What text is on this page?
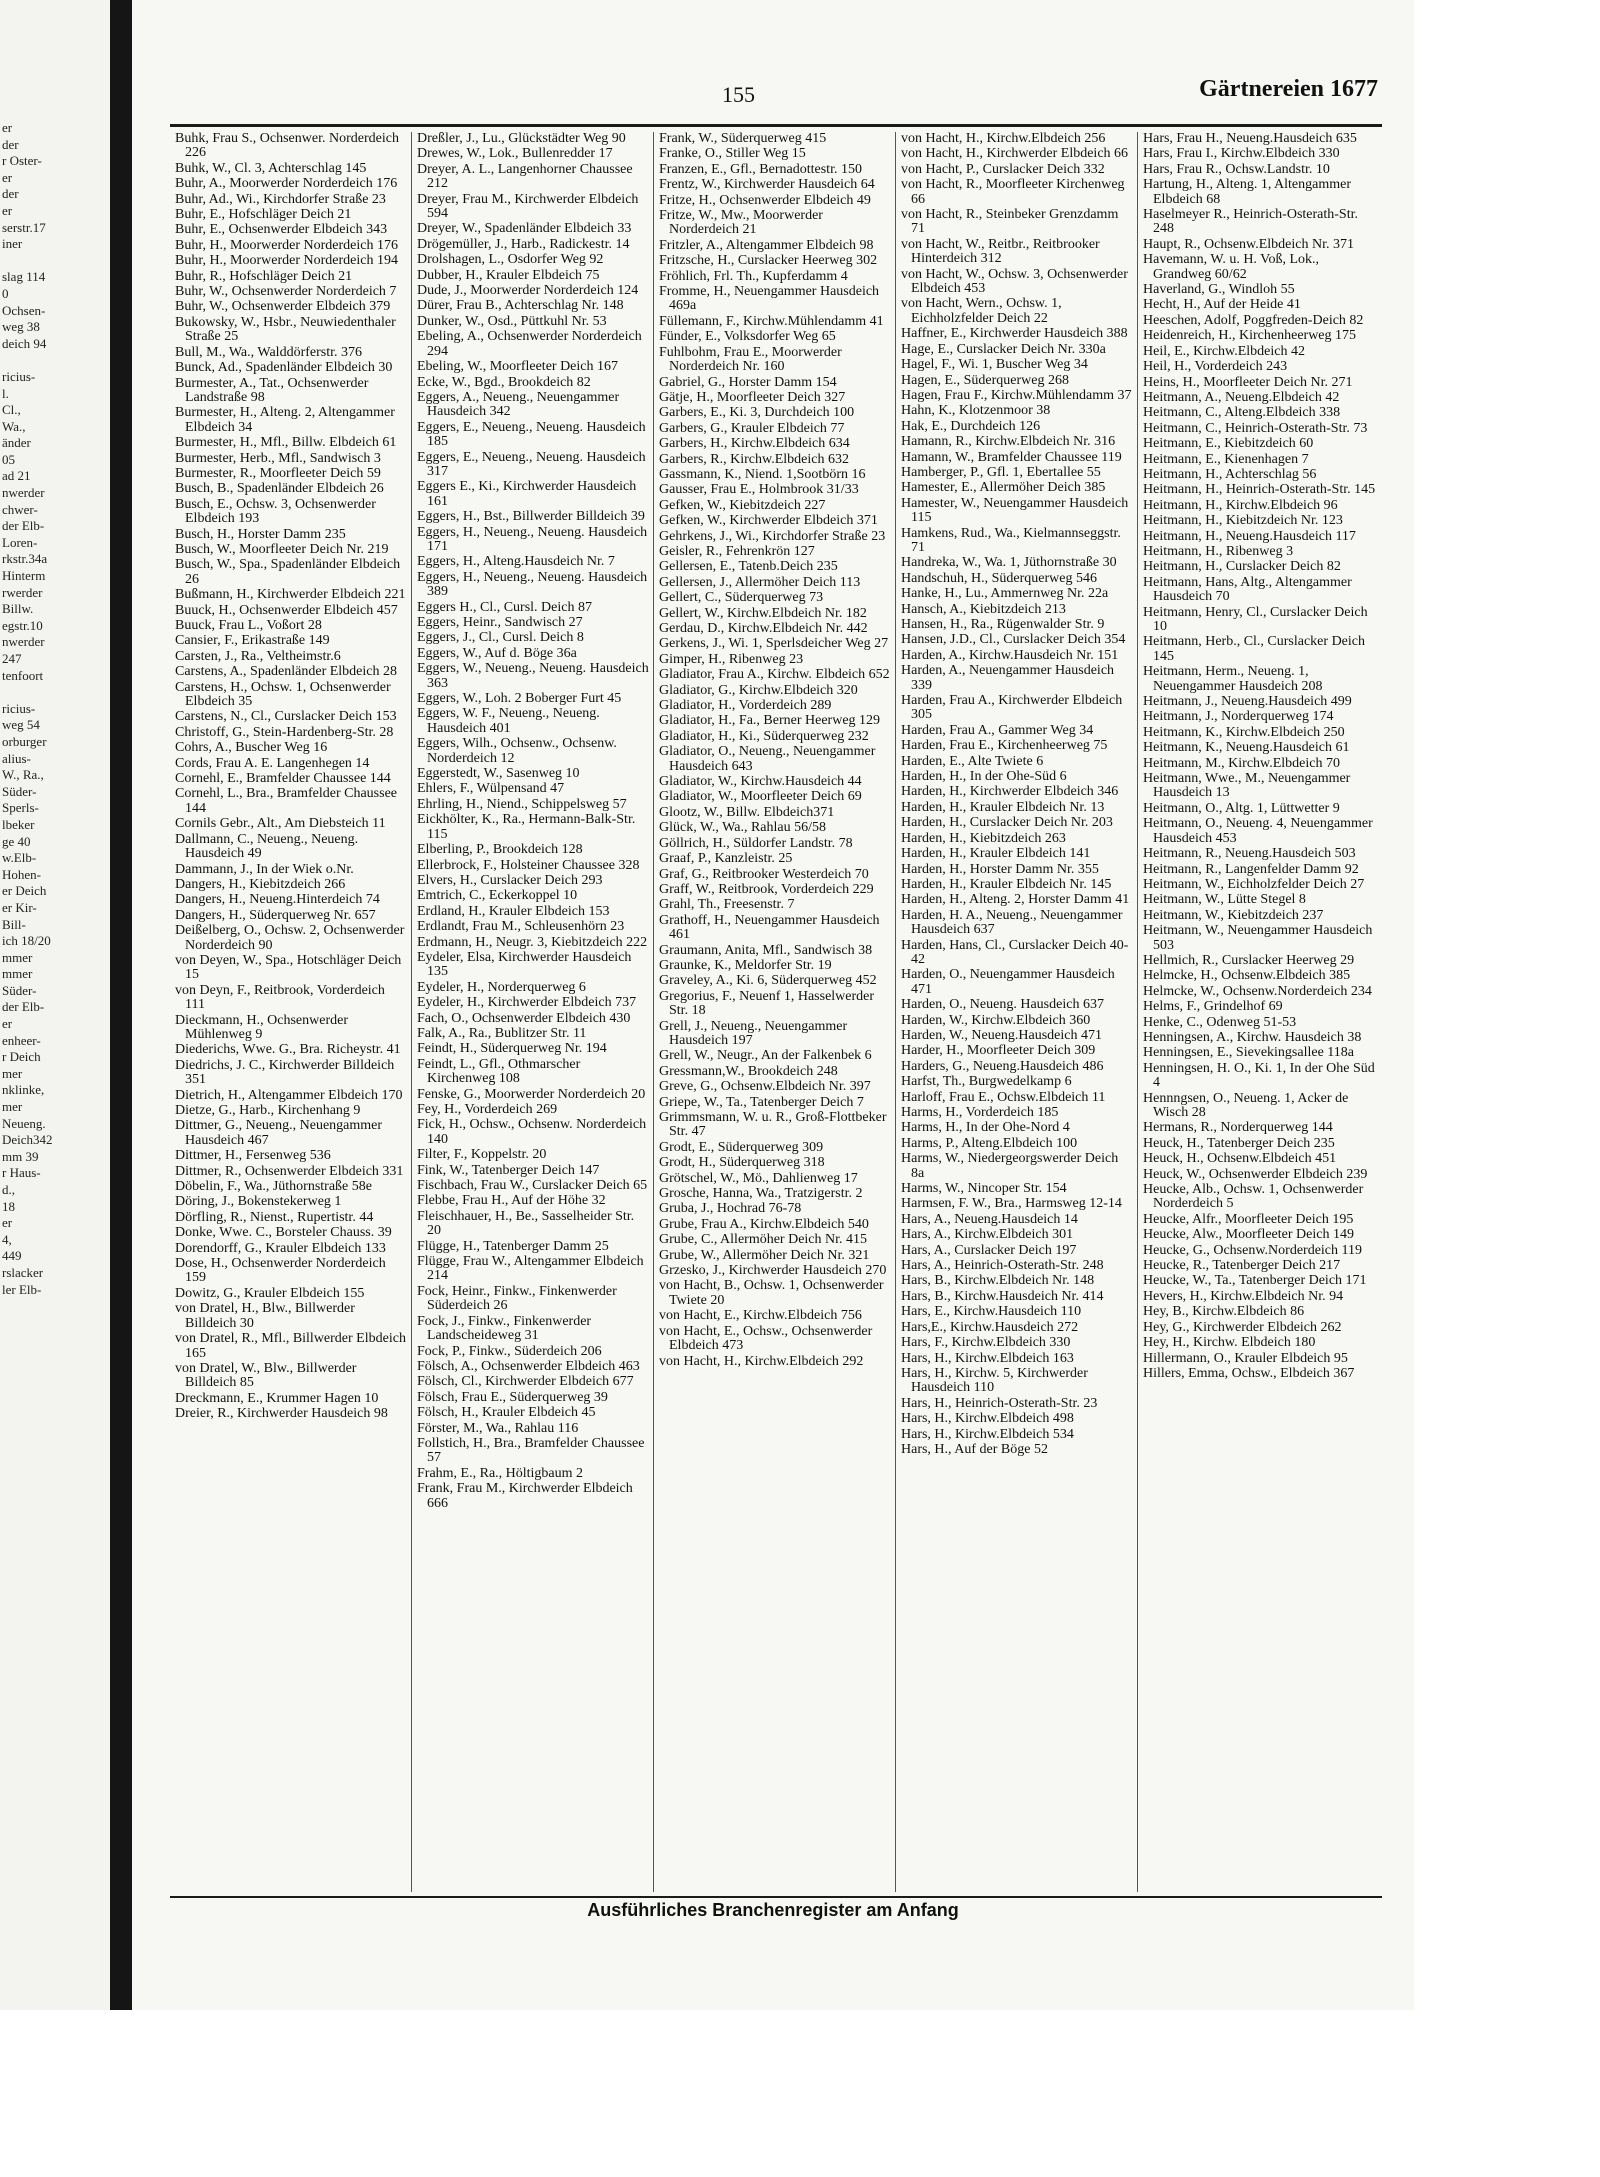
er
der
r Oster-
er
der
er
serstr.17
iner

slag 114
0
Ochsen-
weg 38
deich 94

ricius-
l.
Cl.,
Wa.,
änder
05
ad 21
nwerder
chwer-
der Elb-
Loren-
rkstr.34a
Hinterm
rwerder
Billw.
egstr.10
nwerder
247
tenfoort

ricius-
weg 54
orburger
alius-
W., Ra.,
Süder-
Sperls-
lbeker
ge 40
w.Elb-
Hohen-
er Deich
er Kir-
Bill-
ich 18/20
mmer
mmer
Süder-
der Elb-
er
enheer-
r Deich
mer
nklinke,
mer
Neueng.
Deich342
mm 39
r Haus-
d.,
18
er
4,
449
rslacker
ler Elb-
155	Gärtnereien 1677
Buhk, Frau S., Ochsenwer. Norderdeich 226
Buhk, W., Cl. 3, Achterschlag 145
Buhr, A., Moorwerder Norderdeich 176
Buhr, Ad., Wi., Kirchdorfer Straße 23
Buhr, E., Hofschläger Deich 21
Buhr, E., Ochsenwerder Elbdeich 343
Buhr, H., Moorwerder Norderdeich 176
Buhr, H., Moorwerder Norderdeich 194
Buhr, R., Hofschläger Deich 21
Buhr, W., Ochsenwerder Norderdeich 7
Buhr, W., Ochsenwerder Elbdeich 379
Bukowsky, W., Hsbr., Neuwiedenthaler Straße 25
Bull, M., Wa., Walddörferstr. 376
Bunck, Ad., Spadenländer Elbdeich 30
Burmester, A., Tat., Ochsenwerder Landstraße 98
Burmester, H., Alteng. 2, Altengammer Elbdeich 34
Burmester, H., Mfl., Billw. Elbdeich 61
Burmester, Herb., Mfl., Sandwisch 3
Burmester, R., Moorfleeter Deich 59
Busch, B., Spadenländer Elbdeich 26
Busch, E., Ochsw. 3, Ochsenwerder Elbdeich 193
Busch, H., Horster Damm 235
Busch, W., Moorfleeter Deich Nr. 219
Busch, W., Spa., Spadenländer Elbdeich 26
Bußmann, H., Kirchwerder Elbdeich 221
Buuck, H., Ochsenwerder Elbdeich 457
Buuck, Frau L., Voßort 28
Cansier, F., Erikastraße 149
Carsten, J., Ra., Veltheimstr.6
Carstens, A., Spadenländer Elbdeich 28
Carstens, H., Ochsw. 1, Ochsenwerder Elbdeich 35
Carstens, N., Cl., Curslacker Deich 153
Christoff, G., Stein-Hardenberg-Str. 28
Cohrs, A., Buscher Weg 16
Cords, Frau A. E. Langenhegen 14
Cornehl, E., Bramfelder Chaussee 144
Cornehl, L., Bra., Bramfelder Chaussee 144
Cornils Gebr., Alt., Am Diebsteich 11
Dallmann, C., Neueng., Neueng. Hausdeich 49
Dammann, J., In der Wiek o.Nr.
Dangers, H., Kiebitzdeich 266
Dangers, H., Neueng.Hinterdeich 74
Dangers, H., Süderquerweg Nr. 657
Deißelberg, O., Ochsw. 2, Ochsenwerder Norderdeich 90
von Deyen, W., Spa., Hotschläger Deich 15
von Deyn, F., Reitbrook, Vorderdeich 111
Dieckmann, H., Ochsenwerder Mühlenweg 9
Diederichs, Wwe. G., Bra. Richeystr. 41
Diedrichs, J. C., Kirchwerder Billdeich 351
Dietrich, H., Altengammer Elbdeich 170
Dietze, G., Harb., Kirchenhang 9
Dittmer, G., Neueng., Neuengammer Hausdeich 467
Dittmer, H., Fersenweg 536
Dittmer, R., Ochsenwerder Elbdeich 331
Döbelin, F., Wa., Jüthornstraße 58e
Döring, J., Bokenstekerweg 1
Dörfling, R., Nienst., Rupertistr. 44
Donke, Wwe. C., Borsteler Chauss. 39
Dorendorff, G., Krauler Elbdeich 133
Dose, H., Ochsenwerder Norderdeich 159
Dowitz, G., Krauler Elbdeich 155
von Dratel, H., Blw., Billwerder Billdeich 30
von Dratel, R., Mfl., Billwerder Elbdeich 165
von Dratel, W., Blw., Billwerder Billdeich 85
Dreckmann, E., Krummer Hagen 10
Dreier, R., Kirchwerder Hausdeich 98
Dreßler, J., Lu., Glückstädter Weg 90
Drewes, W., Lok., Bullenredder 17
Dreyer, A. L., Langenhorner Chaussee 212
Dreyer, Frau M., Kirchwerder Elbdeich 594
Dreyer, W., Spadenländer Elbdeich 33
Drögemüller, J., Harb., Radickestr. 14
Drolshagen, L., Osdorfer Weg 92
Dubber, H., Krauler Elbdeich 75
Dude, J., Moorwerder Norderdeich 124
Dürer, Frau B., Achterschlag Nr. 148
Dunker, W., Osd., Püttkuhl Nr. 53
Ebeling, A., Ochsenwerder Norderdeich 294
Ebeling, W., Moorfleeter Deich 167
Ecke, W., Bgd., Brookdeich 82
Eggers, A., Neueng., Neuengammer Hausdeich 342
Eggers, E., Neueng., Neueng. Hausdeich 185
Eggers, E., Neueng., Neueng. Hausdeich 317
Eggers E., Ki., Kirchwerder Hausdeich 161
Eggers, H., Bst., Billwerder Billdeich 39
Eggers, H., Neueng., Neueng. Hausdeich 171
Eggers, H., Alteng.Hausdeich Nr. 7
Eggers, H., Neueng., Neueng. Hausdeich 389
Eggers H., Cl., Cursl. Deich 87
Eggers, Heinr., Sandwisch 27
Eggers, J., Cl., Cursl. Deich 8
Eggers, W., Auf d. Böge 36a
Eggers, W., Neueng., Neueng. Hausdeich 363
Eggers, W., Loh. 2 Boberger Furt 45
Eggers, W. F., Neueng., Neueng. Hausdeich 401
Eggers, Wilh., Ochsenw., Ochsenw. Norderdeich 12
Eggerstedt, W., Sasenweg 10
Ehlers, F., Wülpensand 47
Ehrling, H., Niend., Schippelsweg 57
Eickhölter, K., Ra., Hermann-Balk-Str. 115
Elberling, P., Brookdeich 128
Ellerbrock, F., Holsteiner Chaussee 328
Elvers, H., Curslacker Deich 293
Emtrich, C., Eckerkoppel 10
Erdland, H., Krauler Elbdeich 153
Erdlandt, Frau M., Schleusenhörn 23
Erdmann, H., Neugr. 3, Kiebitzdeich 222
Eydeler, Elsa, Kirchwerder Hausdeich 135
Eydeler, H., Norderquerweg 6
Eydeler, H., Kirchwerder Elbdeich 737
Fach, O., Ochsenwerder Elbdeich 430
Falk, A., Ra., Bublitzer Str. 11
Feindt, H., Süderquerweg Nr. 194
Feindt, L., Gfl., Othmarscher Kirchenweg 108
Fenske, G., Moorwerder Norderdeich 20
Fey, H., Vorderdeich 269
Fick, H., Ochsw., Ochsenw. Norderdeich 140
Filter, F., Koppelstr. 20
Fink, W., Tatenberger Deich 147
Fischbach, Frau W., Curslacker Deich 65
Flebbe, Frau H., Auf der Höhe 32
Fleischhauer, H., Be., Sasselheider Str. 20
Flügge, H., Tatenberger Damm 25
Flügge, Frau W., Altengammer Elbdeich 214
Fock, Heinr., Finkw., Finkenwerder Süderdeich 26
Fock, J., Finkw., Finkenwerder Landscheideweg 31
Fock, P., Finkw., Süderdeich 206
Fölsch, A., Ochsenwerder Elbdeich 463
Fölsch, Cl., Kirchwerder Elbdeich 677
Fölsch, Frau E., Süderquerweg 39
Fölsch, H., Krauler Elbdeich 45
Förster, M., Wa., Rahlau 116
Follstich, H., Bra., Bramfelder Chaussee 57
Frahm, E., Ra., Höltigbaum 2
Frank, Frau M., Kirchwerder Elbdeich 666
Frank, W., Süderquerweg 415
Franke, O., Stiller Weg 15
Franzen, E., Gfl., Bernadottestr. 150
Frentz, W., Kirchwerder Hausdeich 64
Fritze, H., Ochsenwerder Elbdeich 49
Fritze, W., Mw., Moorwerder Norderdeich 21
Fritzler, A., Altengammer Elbdeich 98
Fritzsche, H., Curslacker Heerweg 302
Fröhlich, Frl. Th., Kupferdamm 4
Fromme, H., Neuengammer Hausdeich 469a
Füllemann, F., Kirchw.Mühlendamm 41
Fünder, E., Volksdorfer Weg 65
Fuhlbohm, Frau E., Moorwerder Norderdeich Nr. 160
Gabriel, G., Horster Damm 154
Gätje, H., Moorfleeter Deich 327
Garbers, E., Ki. 3, Durchdeich 100
Garbers, G., Krauler Elbdeich 77
Garbers, H., Kirchw.Elbdeich 634
Garbers, R., Kirchw.Elbdeich 632
Gassmann, K., Niend. 1,Sootbörn 16
Gausser, Frau E., Holmbrook 31/33
Gefken, W., Kiebitzdeich 227
Gefken, W., Kirchwerder Elbdeich 371
Gehrkens, J., Wi., Kirchdorfer Straße 23
Geisler, R., Fehrenkrön 127
Gellersen, E., Tatenb.Deich 235
Gellersen, J., Allermöher Deich 113
Gellert, C., Süderquerweg 73
Gellert, W., Kirchw.Elbdeich Nr. 182
Gerdau, D., Kirchw.Elbdeich Nr. 442
Gerkens, J., Wi. 1, Sperlsdeicher Weg 27
Gimper, H., Ribenweg 23
Gladiator, Frau A., Kirchw. Elbdeich 652
Gladiator, G., Kirchw.Elbdeich 320
Gladiator, H., Vorderdeich 289
Gladiator, H., Fa., Berner Heerweg 129
Gladiator, H., Ki., Süderquerweg 232
Gladiator, O., Neueng., Neuengammer Hausdeich 643
Gladiator, W., Kirchw.Hausdeich 44
Gladiator, W., Moorfleeter Deich 69
Glootz, W., Billw. Elbdeich371
Glück, W., Wa., Rahlau 56/58
Göllrich, H., Süldorfer Landstr. 78
Graaf, P., Kanzleistr. 25
Graf, G., Reitbrooker Westerdeich 70
Graff, W., Reitbrook, Vorderdeich 229
Grahl, Th., Freesenstr. 7
Grathoff, H., Neuengammer Hausdeich 461
Graumann, Anita, Mfl., Sandwisch 38
Graunke, K., Meldorfer Str. 19
Graveley, A., Ki. 6, Süderquerweg 452
Gregorius, F., Neuenf 1, Hasselwerder Str. 18
Grell, J., Neueng., Neuengammer Hausdeich 197
Grell, W., Neugr., An der Falkenbek 6
Gressmann,W., Brookdeich 248
Greve, G., Ochsenw.Elbdeich Nr. 397
Griepe, W., Ta., Tatenberger Deich 7
Grimmsmann, W. u. R., Groß-Flottbeker Str. 47
Grodt, E., Süderquerweg 309
Grodt, H., Süderquerweg 318
Grötschel, W., Mö., Dahlienweg 17
Grosche, Hanna, Wa., Tratzigerstr. 2
Gruba, J., Hochrad 76-78
Grube, Frau A., Kirchw.Elbdeich 540
Grube, C., Allermöher Deich Nr. 415
Grube, W., Allermöher Deich Nr. 321
Grzesko, J., Kirchwerder Hausdeich 270
von Hacht, B., Ochsw. 1, Ochsenwerder Twiete 20
von Hacht, E., Kirchw.Elbdeich 756
von Hacht, E., Ochsw., Ochsenwerder Elbdeich 473
von Hacht, H., Kirchw.Elbdeich 292
von Hacht, H., Kirchw.Elbdeich 256
von Hacht, H., Kirchwerder Elbdeich 66
von Hacht, P., Curslacker Deich 332
von Hacht, R., Moorfleeter Kirchenweg 66
von Hacht, R., Steinbeker Grenzdamm 71
von Hacht, W., Reitbr., Reitbrooker Hinterdeich 312
von Hacht, W., Ochsw. 3, Ochsenwerder Elbdeich 453
von Hacht, Wern., Ochsw. 1, Eichholzfelder Deich 22
Haffner, E., Kirchwerder Hausdeich 388
Hage, E., Curslacker Deich Nr. 330a
Hagel, F., Wi. 1, Buscher Weg 34
Hagen, E., Süderquerweg 268
Hagen, Frau F., Kirchw.Mühlendamm 37
Hahn, K., Klotzenmoor 38
Hak, E., Durchdeich 126
Hamann, R., Kirchw.Elbdeich Nr. 316
Hamann, W., Bramfelder Chaussee 119
Hamberger, P., Gfl. 1, Ebertallee 55
Hamester, E., Allermöher Deich 385
Hamester, W., Neuengammer Hausdeich 115
Hamkens, Rud., Wa., Kielmannseggstr. 71
Handreka, W., Wa. 1, Jüthornstraße 30
Handschuh, H., Süderquerweg 546
Hanke, H., Lu., Ammernweg Nr. 22a
Hansch, A., Kiebitzdeich 213
Hansen, H., Ra., Rügenwalder Str. 9
Hansen, J.D., Cl., Curslacker Deich 354
Harden, A., Kirchw.Hausdeich Nr. 151
Harden, A., Neuengammer Hausdeich 339
Harden, Frau A., Kirchwerder Elbdeich 305
Harden, Frau A., Gammer Weg 34
Harden, Frau E., Kirchenheerweg 75
Harden, E., Alte Twiete 6
Harden, H., In der Ohe-Süd 6
Harden, H., Kirchwerder Elbdeich 346
Harden, H., Krauler Elbdeich Nr. 13
Harden, H., Curslacker Deich Nr. 203
Harden, H., Kiebitzdeich 263
Harden, H., Krauler Elbdeich 141
Harden, H., Horster Damm Nr. 355
Harden, H., Krauler Elbdeich Nr. 145
Harden, H., Alteng. 2, Horster Damm 41
Harden, H. A., Neueng., Neuengammer Hausdeich 637
Harden, Hans, Cl., Curslacker Deich 40-42
Harden, O., Neuengammer Hausdeich 471
Harden, O., Neueng. Hausdeich 637
Harden, W., Kirchw.Elbdeich 360
Harden, W., Neueng.Hausdeich 471
Harder, H., Moorfleeter Deich 309
Harders, G., Neueng.Hausdeich 486
Harfst, Th., Burgwedelkamp 6
Harloff, Frau E., Ochsw.Elbdeich 11
Harms, H., Vorderdeich 185
Harms, H., In der Ohe-Nord 4
Harms, P., Alteng.Elbdeich 100
Harms, W., Niedergeorgswerder Deich 8a
Harms, W., Nincoper Str. 154
Harmsen, F. W., Bra., Harmsweg 12-14
Hars, A., Neueng.Hausdeich 14
Hars, A., Kirchw.Elbdeich 301
Hars, A., Curslacker Deich 197
Hars, A., Heinrich-Osterath-Str. 248
Hars, B., Kirchw.Elbdeich Nr. 148
Hars, B., Kirchw.Hausdeich Nr. 414
Hars, E., Kirchw.Hausdeich 110
Hars,E., Kirchw.Hausdeich 272
Hars, F., Kirchw.Elbdeich 330
Hars, H., Kirchw.Elbdeich 163
Hars, H., Kirchw. 5, Kirchwerder Hausdeich 110
Hars, H., Heinrich-Osterath-Str. 23
Hars, H., Kirchw.Elbdeich 498
Hars, H., Kirchw.Elbdeich 534
Hars, H., Auf der Böge 52
Hars, Frau H., Neueng.Hausdeich 635
Hars, Frau I., Kirchw.Elbdeich 330
Hars, Frau R., Ochsw.Landstr. 10
Hartung, H., Alteng. 1, Altengammer Elbdeich 68
Haselmeyer R., Heinrich-Osterath-Str. 248
Haupt, R., Ochsenw.Elbdeich Nr. 371
Havemann, W. u. H. Voß, Lok., Grandweg 60/62
Haverland, G., Windloh 55
Hecht, H., Auf der Heide 41
Heeschen, Adolf, Poggfreden-Deich 82
Heidenreich, H., Kirchenheerweg 175
Heil, E., Kirchw.Elbdeich 42
Heil, H., Vorderdeich 243
Heins, H., Moorfleeter Deich Nr. 271
Heitmann, A., Neueng.Elbdeich 42
Heitmann, C., Alteng.Elbdeich 338
Heitmann, C., Heinrich-Osterath-Str. 73
Heitmann, E., Kiebitzdeich 60
Heitmann, E., Kienenhagen 7
Heitmann, H., Achterschlag 56
Heitmann, H., Heinrich-Osterath-Str. 145
Heitmann, H., Kirchw.Elbdeich 96
Heitmann, H., Kiebitzdeich Nr. 123
Heitmann, H., Neueng.Hausdeich 117
Heitmann, H., Ribenweg 3
Heitmann, H., Curslacker Deich 82
Heitmann, Hans, Altg., Altengammer Hausdeich 70
Heitmann, Henry, Cl., Curslacker Deich 10
Heitmann, Herb., Cl., Curslacker Deich 145
Heitmann, Herm., Neueng. 1, Neuengammer Hausdeich 208
Heitmann, J., Neueng.Hausdeich 499
Heitmann, J., Norderquerweg 174
Heitmann, K., Kirchw.Elbdeich 250
Heitmann, K., Neueng.Hausdeich 61
Heitmann, M., Kirchw.Elbdeich 70
Heitmann, Wwe., M., Neuengammer Hausdeich 13
Heitmann, O., Altg. 1, Lüttwetter 9
Heitmann, O., Neueng. 4, Neuengammer Hausdeich 453
Heitmann, R., Neueng.Hausdeich 503
Heitmann, R., Langenfelder Damm 92
Heitmann, W., Eichholzfelder Deich 27
Heitmann, W., Lütte Stegel 8
Heitmann, W., Kiebitzdeich 237
Heitmann, W., Neuengammer Hausdeich 503
Hellmich, R., Curslacker Heerweg 29
Helmcke, H., Ochsenw.Elbdeich 385
Helmcke, W., Ochsenw.Norderdeich 234
Helms, F., Grindelhof 69
Henke, C., Odenweg 51-53
Henningsen, A., Kirchw. Hausdeich 38
Henningsen, E., Sievekingsallee 118a
Henningsen, H. O., Ki. 1, In der Ohe Süd 4
Hennngsen, O., Neueng. 1, Acker de Wisch 28
Hermans, R., Norderquerweg 144
Heuck, H., Tatenberger Deich 235
Heuck, H., Ochsenw.Elbdeich 451
Heuck, W., Ochsenwerder Elbdeich 239
Heucke, Alb., Ochsw. 1, Ochsenwerder Norderdeich 5
Heucke, Alfr., Moorfleeter Deich 195
Heucke, Alw., Moorfleeter Deich 149
Heucke, G., Ochsenw.Norderdeich 119
Heucke, R., Tatenberger Deich 217
Heucke, W., Ta., Tatenberger Deich 171
Hevers, H., Kirchw.Elbdeich Nr. 94
Hey, B., Kirchw.Elbdeich 86
Hey, G., Kirchwerder Elbdeich 262
Hey, H., Kirchw. Elbdeich 180
Hillermann, O., Krauler Elbdeich 95
Hillers, Emma, Ochsw., Elbdeich 367
Ausführliches Branchenregister am Anfang
